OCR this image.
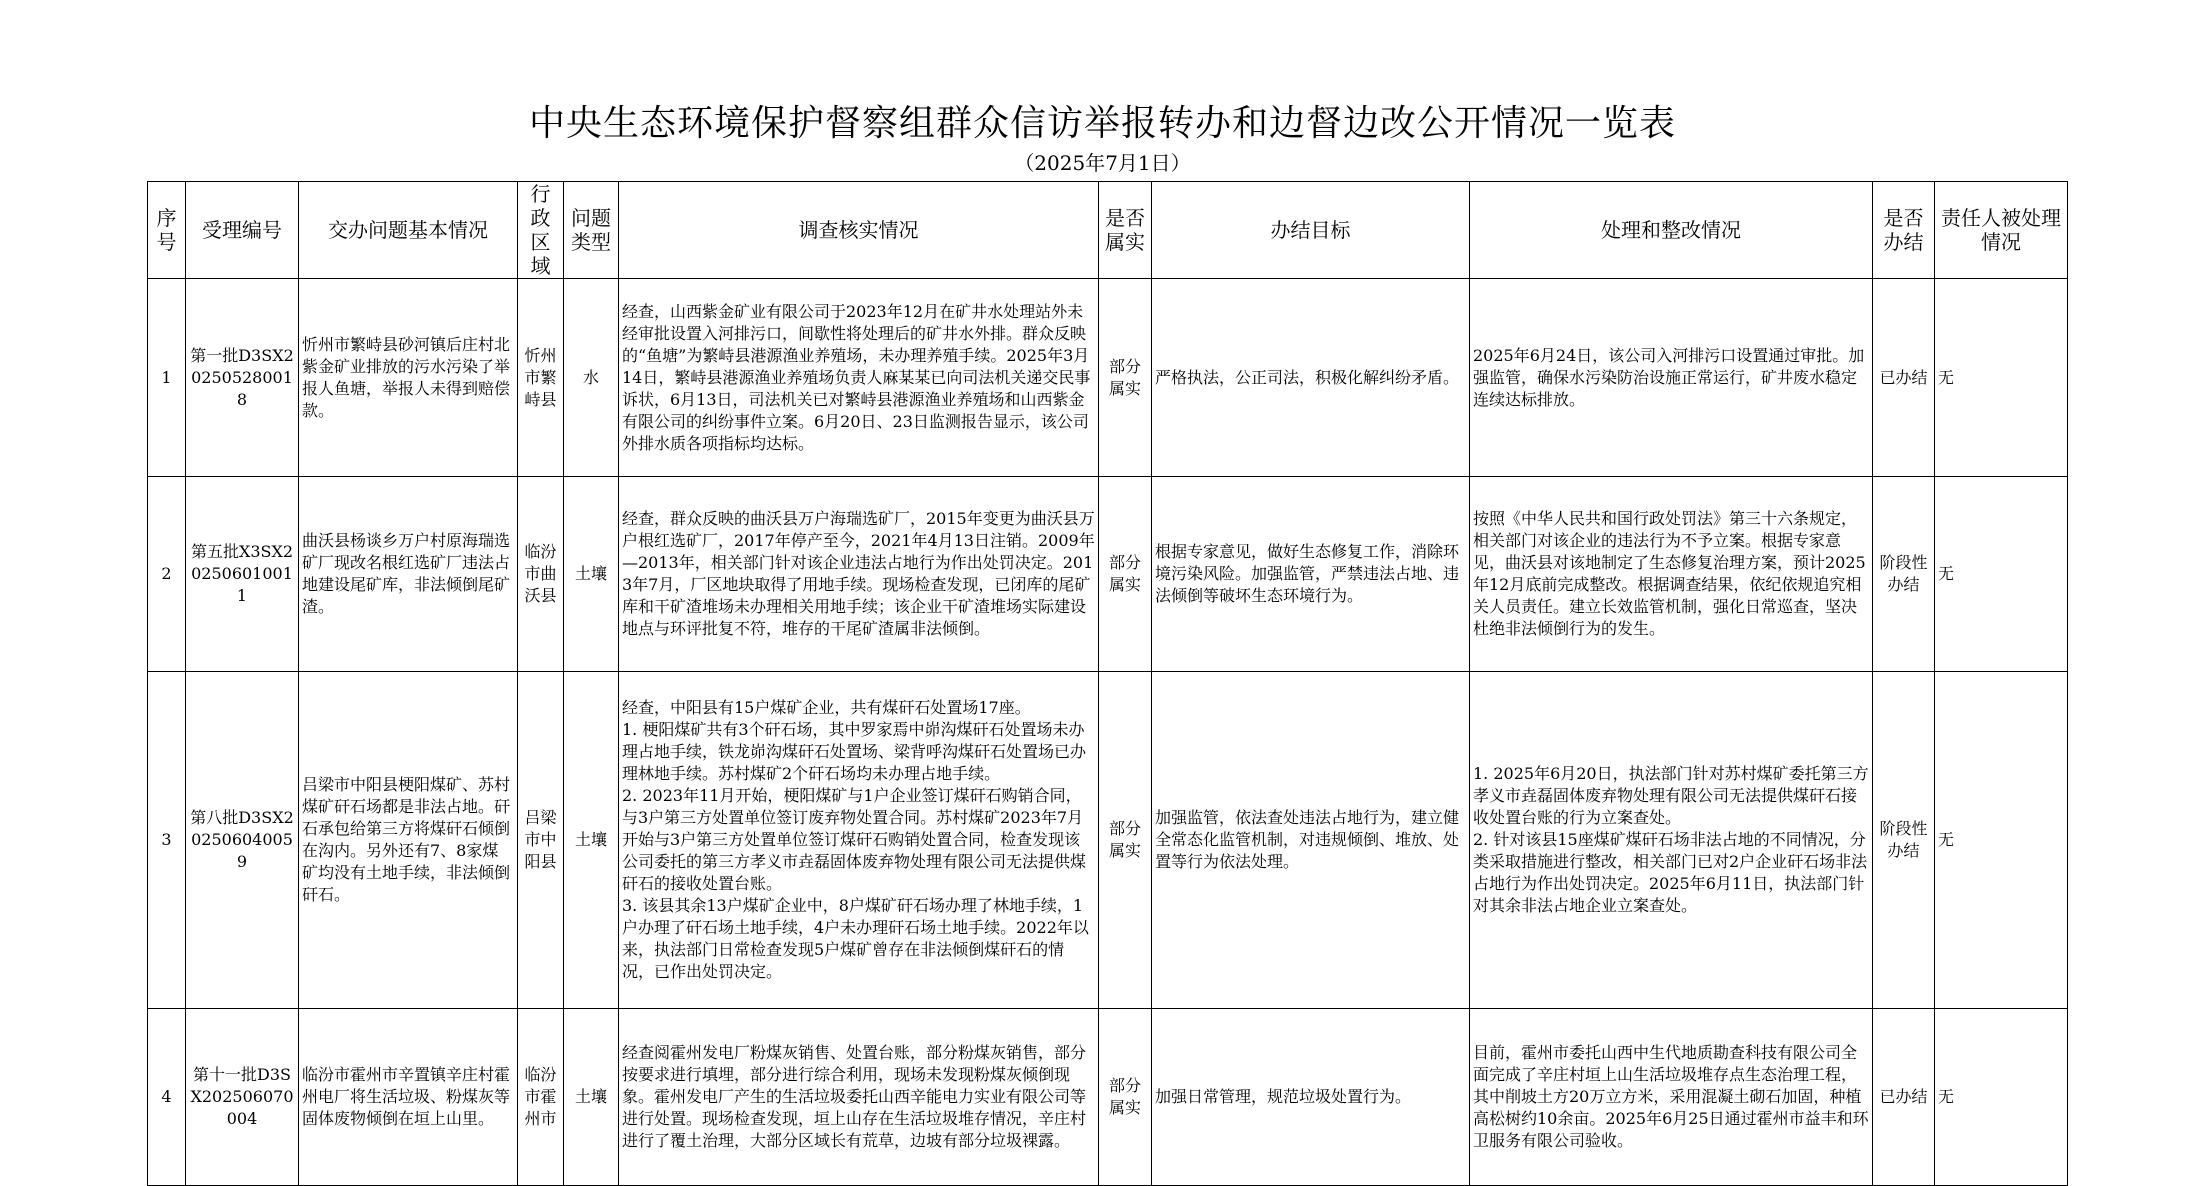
中央生态环境保护督察组群众信访举报转办和边督边改公开情况一览表
（2025年7月1日）
序号	受理编号	交办问题基本情况	行政区域	问题类型	调查核实情况	是否属实	办结目标	处理和整改情况	是否办结	责任人被处理情况
1	第一批D3SX202505280018	忻州市繁峙县砂河镇后庄村北紫金矿业排放的污水污染了举报人鱼塘，举报人未得到赔偿款。	忻州市繁峙县	水	经查，山西紫金矿业有限公司于2023年12月在矿井水处理站外未经审批设置入河排污口，间歇性将处理后的矿井水外排。群众反映的“鱼塘”为繁峙县港源渔业养殖场，未办理养殖手续。2025年3月14日，繁峙县港源渔业养殖场负责人麻某某已向司法机关递交民事诉状，6月13日，司法机关已对繁峙县港源渔业养殖场和山西紫金有限公司的纠纷事件立案。6月20日、23日监测报告显示，该公司外排水质各项指标均达标。	部分属实	严格执法，公正司法，积极化解纠纷矛盾。	2025年6月24日，该公司入河排污口设置通过审批。加强监管，确保水污染防治设施正常运行，矿井废水稳定连续达标排放。	已办结	无
2	第五批X3SX202506010011	曲沃县杨谈乡万户村原海瑞选矿厂现改名根红选矿厂违法占地建设尾矿库，非法倾倒尾矿渣。	临汾市曲沃县	土壤	经查，群众反映的曲沃县万户海瑞选矿厂，2015年变更为曲沃县万户根红选矿厂，2017年停产至今，2021年4月13日注销。2009年—2013年，相关部门针对该企业违法占地行为作出处罚决定。2013年7月，厂区地块取得了用地手续。现场检查发现，已闭库的尾矿库和干矿渣堆场未办理相关用地手续；该企业干矿渣堆场实际建设地点与环评批复不符，堆存的干尾矿渣属非法倾倒。	部分属实	根据专家意见，做好生态修复工作，消除环境污染风险。加强监管，严禁违法占地、违法倾倒等破坏生态环境行为。	按照《中华人民共和国行政处罚法》第三十六条规定，相关部门对该企业的违法行为不予立案。根据专家意见，曲沃县对该地制定了生态修复治理方案，预计2025年12月底前完成整改。根据调查结果，依纪依规追究相关人员责任。建立长效监管机制，强化日常巡查，坚决杜绝非法倾倒行为的发生。	阶段性办结	无
3	第八批D3SX202506040059	吕梁市中阳县梗阳煤矿、苏村煤矿矸石场都是非法占地。矸石承包给第三方将煤矸石倾倒在沟内。另外还有7、8家煤矿均没有土地手续，非法倾倒矸石。	吕梁市中阳县	土壤	经查，中阳县有15户煤矿企业，共有煤矸石处置场17座。
1. 梗阳煤矿共有3个矸石场，其中罗家焉中峁沟煤矸石处置场未办理占地手续，铁龙峁沟煤矸石处置场、梁背呼沟煤矸石处置场已办理林地手续。苏村煤矿2个矸石场均未办理占地手续。
2. 2023年11月开始，梗阳煤矿与1户企业签订煤矸石购销合同，与3户第三方处置单位签订废弃物处置合同。苏村煤矿2023年7月开始与3户第三方处置单位签订煤矸石购销处置合同，检查发现该公司委托的第三方孝义市垚磊固体废弃物处理有限公司无法提供煤矸石的接收处置台账。
3. 该县其余13户煤矿企业中，8户煤矿矸石场办理了林地手续，1户办理了矸石场土地手续，4户未办理矸石场土地手续。2022年以来，执法部门日常检查发现5户煤矿曾存在非法倾倒煤矸石的情况，已作出处罚决定。	部分属实	加强监管，依法查处违法占地行为，建立健全常态化监管机制，对违规倾倒、堆放、处置等行为依法处理。	1. 2025年6月20日，执法部门针对苏村煤矿委托第三方孝义市垚磊固体废弃物处理有限公司无法提供煤矸石接收处置台账的行为立案查处。
2. 针对该县15座煤矿煤矸石场非法占地的不同情况，分类采取措施进行整改，相关部门已对2户企业矸石场非法占地行为作出处罚决定。2025年6月11日，执法部门针对其余非法占地企业立案查处。	阶段性办结	无
4	第十一批D3SX202506070004	临汾市霍州市辛置镇辛庄村霍州电厂将生活垃圾、粉煤灰等固体废物倾倒在垣上山里。	临汾市霍州市	土壤	经查阅霍州发电厂粉煤灰销售、处置台账，部分粉煤灰销售，部分按要求进行填埋，部分进行综合利用，现场未发现粉煤灰倾倒现象。霍州发电厂产生的生活垃圾委托山西辛能电力实业有限公司等进行处置。现场检查发现，垣上山存在生活垃圾堆存情况，辛庄村进行了覆土治理，大部分区域长有荒草，边坡有部分垃圾裸露。	部分属实	加强日常管理，规范垃圾处置行为。	目前，霍州市委托山西中生代地质勘查科技有限公司全面完成了辛庄村垣上山生活垃圾堆存点生态治理工程，其中削坡土方20万立方米，采用混凝土砌石加固，种植高松树约10余亩。2025年6月25日通过霍州市益丰和环卫服务有限公司验收。	已办结	无
